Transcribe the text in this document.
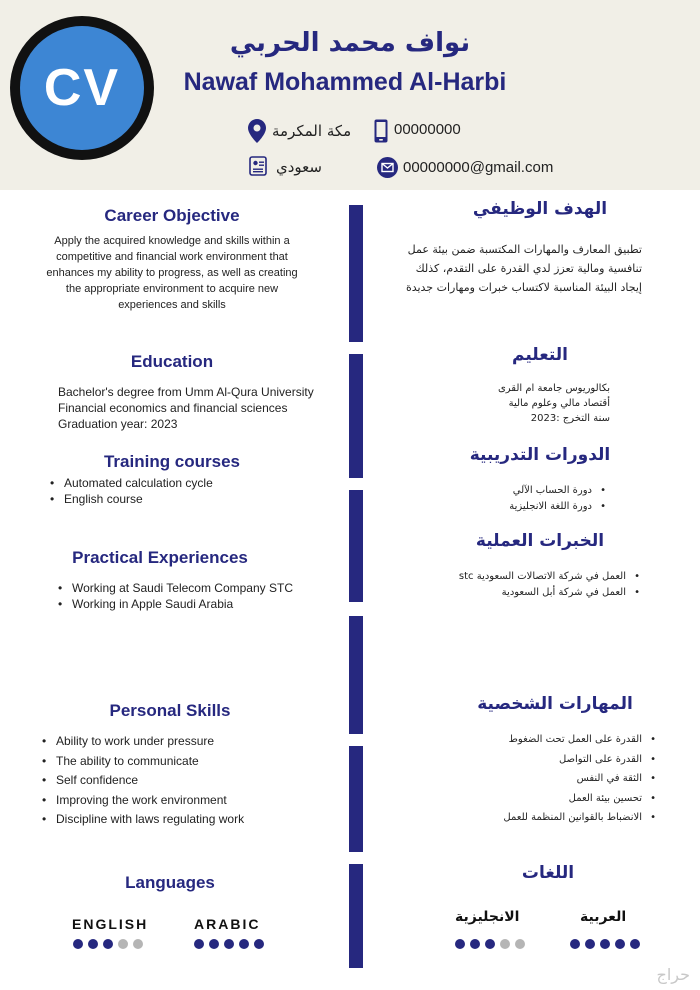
CV
نواف محمد الحربي
Nawaf Mohammed Al-Harbi
مكة المكرمة	00000000
سعودي	00000000@gmail.com
Career Objective
Apply the acquired knowledge and skills within a competitive and financial work environment that enhances my ability to progress, as well as creating the appropriate environment to acquire new experiences and skills
الهدف الوظيفي
تطبيق المعارف والمهارات المكتسبة ضمن بيئة عمل تنافسية ومالية تعزز لدي القدرة على التقدم، كذلك إيجاد البيئة المناسبة لاكتساب خبرات ومهارات جديدة
Education
Bachelor's degree from Umm Al-Qura University
Financial economics and financial sciences
Graduation year: 2023
التعليم
بكالوريوس جامعة ام القرى
أقتصاد مالي وعلوم مالية
سنة التخرج :2023
Training courses
• Automated calculation cycle
• English course
الدورات التدريبية
• دورة الحساب الآلي
• دورة اللغة الانجليزية
Practical Experiences
• Working at Saudi Telecom Company STC
• Working in Apple Saudi Arabia
الخبرات العملية
• العمل في شركة الاتصالات السعودية stc
• العمل في شركة أبل السعودية
Personal Skills
• Ability to work under pressure
• The ability to communicate
• Self confidence
• Improving the work environment
• Discipline with laws regulating work
المهارات الشخصية
• القدرة على العمل تحت الضغوط
• القدرة على التواصل
• الثقة في النفس
• تحسين بيئة العمل
• الانضباط بالقوانين المنظمة للعمل
Languages
ENGLISH	ARABIC
اللغات
الانجليزية	العربية
حراج
